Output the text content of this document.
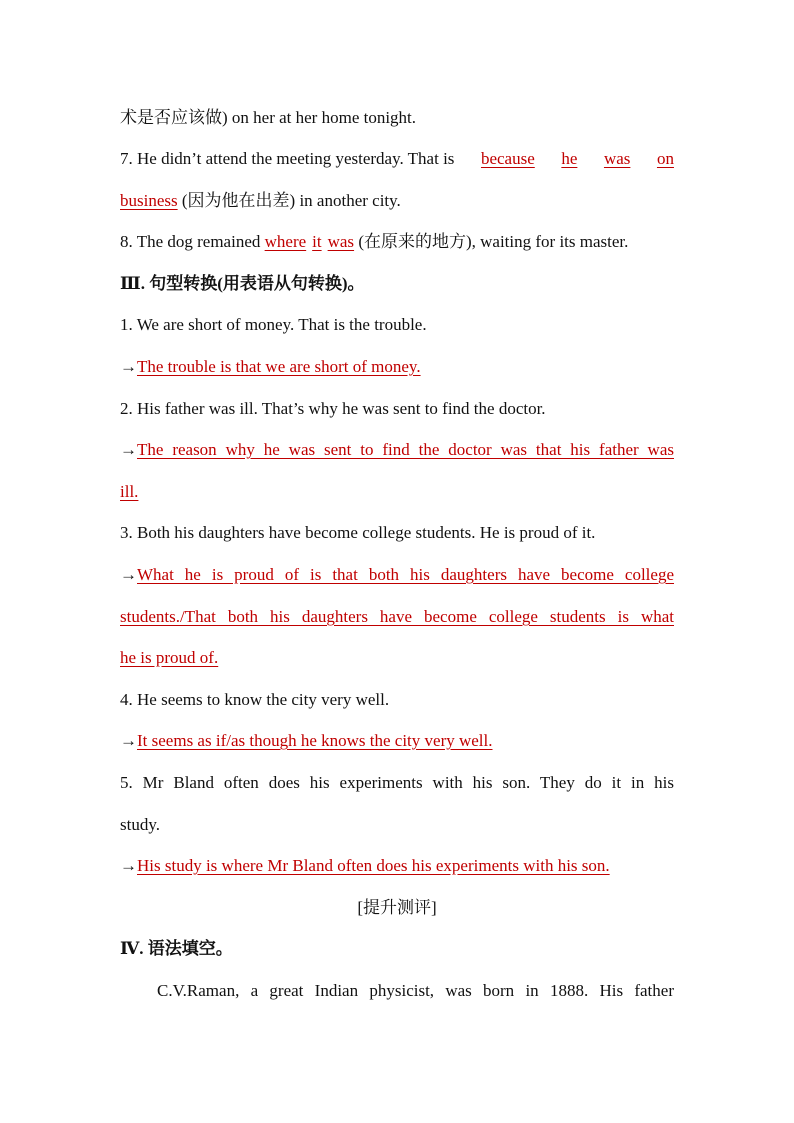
术是否应该做) on her at her home tonight.
7. He didn’t attend the meeting yesterday. That is because he was on
business (因为他在出差) in another city.
8. The dog remained where it was (在原来的地方), waiting for its master.
Ⅲ. 句型转换(用表语从句转换)。
1. We are short of money. That is the trouble.
→The trouble is that we are short of money.
2. His father was ill. That’s why he was sent to find the doctor.
→ The reason why he was sent to find the doctor was that his father was
ill.
3. Both his daughters have become college students. He is proud of it.
→ What he is proud of is that both his daughters have become college
students./That both his daughters have become college students is what
he is proud of.
4. He seems to know the city very well.
→It seems as if/as though he knows the city very well.
5. Mr Bland often does his experiments with his son. They do it in his
study.
→His study is where Mr Bland often does his experiments with his son.
[提升测评]
Ⅳ. 语法填空。
C.V.Raman, a great Indian physicist, was born in 1888. His father
